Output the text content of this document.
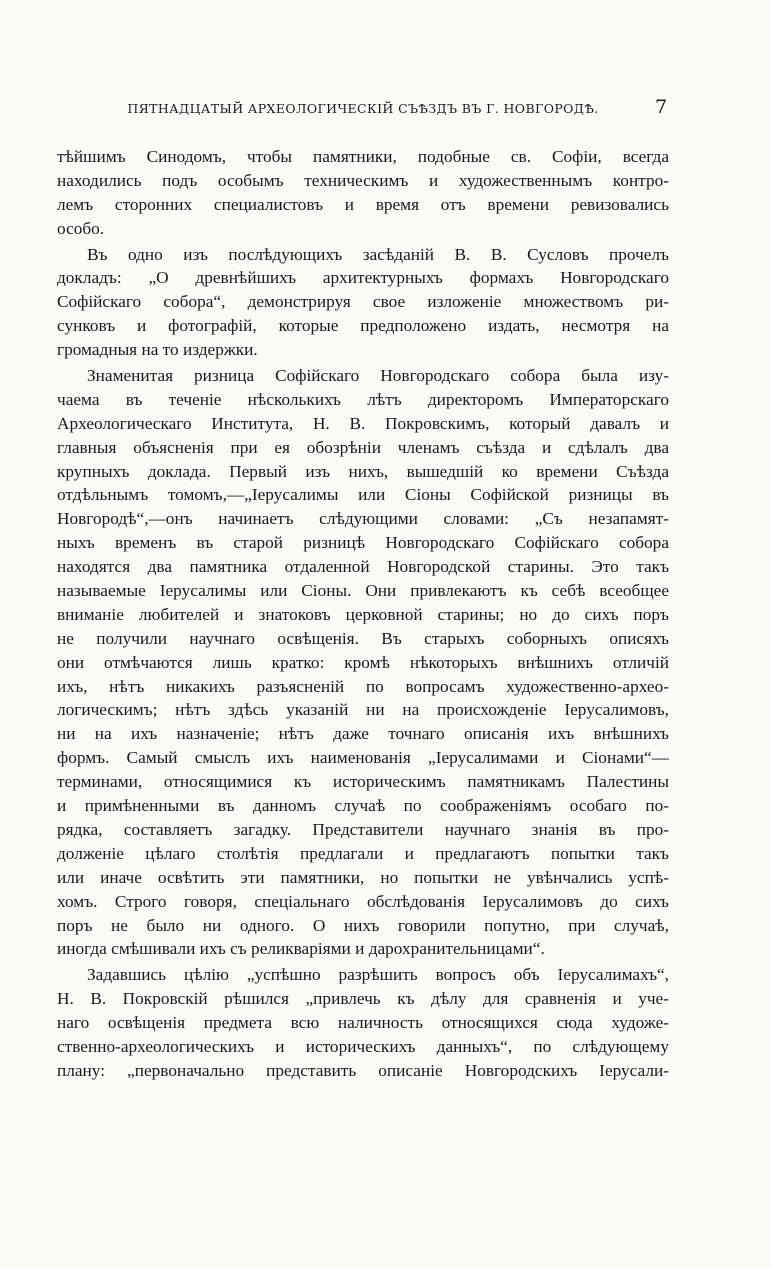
ПЯТНАДЦАТЫЙ АРХЕОЛОГИЧЕСКІЙ СЪѢЗДЪ ВЪ Г. НОВГОРОДѢ.	7
тѣйшимъ Синодомъ, чтобы памятники, подобные св. Софіи, всегда
находились подъ особымъ техническимъ и художественнымъ контро-
лемъ сторонних специалистовъ и время отъ времени ревизовались
особо.
Въ одно изъ послѣдующихъ засѣданій В. В. Сусловъ прочелъ
докладъ: „О древнѣйшихъ архитектурныхъ формахъ Новгородскаго
Софійскаго собора“, демонстрируя свое изложеніе множествомъ ри-
сунковъ и фотографій, которые предположено издать, несмотря на
громадныя на то издержки.
Знаменитая ризница Софійскаго Новгородскаго собора была изу-
чаема въ теченіе нѣсколькихъ лѣтъ директоромъ Императорскаго
Археологическаго Института, Н. В. Покровскимъ, который давалъ и
главныя объясненія при ея обозрѣніи членамъ съѣзда и сдѣлалъ два
крупныхъ доклада. Первый изъ нихъ, вышедшій ко времени Съѣзда
отдѣльнымъ томомъ,—„Іерусалимы или Сіоны Софійской ризницы въ
Новгородѣ“,—онъ начинаетъ слѣдующими словами: „Съ незапамят-
ныхъ временъ въ старой ризницѣ Новгородскаго Софійскаго собора
находятся два памятника отдаленной Новгородской старины. Это такъ
называемые Іерусалимы или Сіоны. Они привлекаютъ къ себѣ всеобщее
вниманіе любителей и знатоковъ церковной старины; но до сихъ поръ
не получили научнаго освѣщенія. Въ старыхъ соборныхъ описяхъ
они отмѣчаются лишь кратко: кромѣ нѣкоторыхъ внѣшнихъ отличій
ихъ, нѣтъ никакихъ разъясненій по вопросамъ художественно-археo-
логическимъ; нѣтъ здѣсь указаній ни на происхожденіе Іерусалимовъ,
ни на ихъ назначеніе; нѣтъ даже точнаго описанія ихъ внѣшнихъ
формъ. Самый смыслъ ихъ наименованія „Іерусалимами и Сіонами“—
терминами, относящимися къ историческимъ памятникамъ Палестины
и примѣненными въ данномъ случаѣ по соображеніямъ особаго по-
рядка, составляетъ загадку. Представители научнаго знанія въ про-
долженіе цѣлаго столѣтія предлагали и предлагаютъ попытки такъ
или иначе освѣтить эти памятники, но попытки не увѣнчались успѣ-
хомъ. Строго говоря, спеціальнаго обслѣдованія Іерусалимовъ до сихъ
поръ не было ни одного. О нихъ говорили попутно, при случаѣ,
иногда смѣшивали ихъ съ реликваріями и дарохранительницами“.
Задавшись цѣлію „успѣшно разрѣшить вопросъ объ Іерусалимахъ“,
Н. В. Покровскій рѣшился „привлечь къ дѣлу для сравненія и уче-
наго освѣщенія предмета всю наличность относящихся сюда художе-
ственно-археологическихъ и историческихъ данныхъ“, по слѣдующему
плану: „первоначально представить описаніе Новгородскихъ Іерусали-
